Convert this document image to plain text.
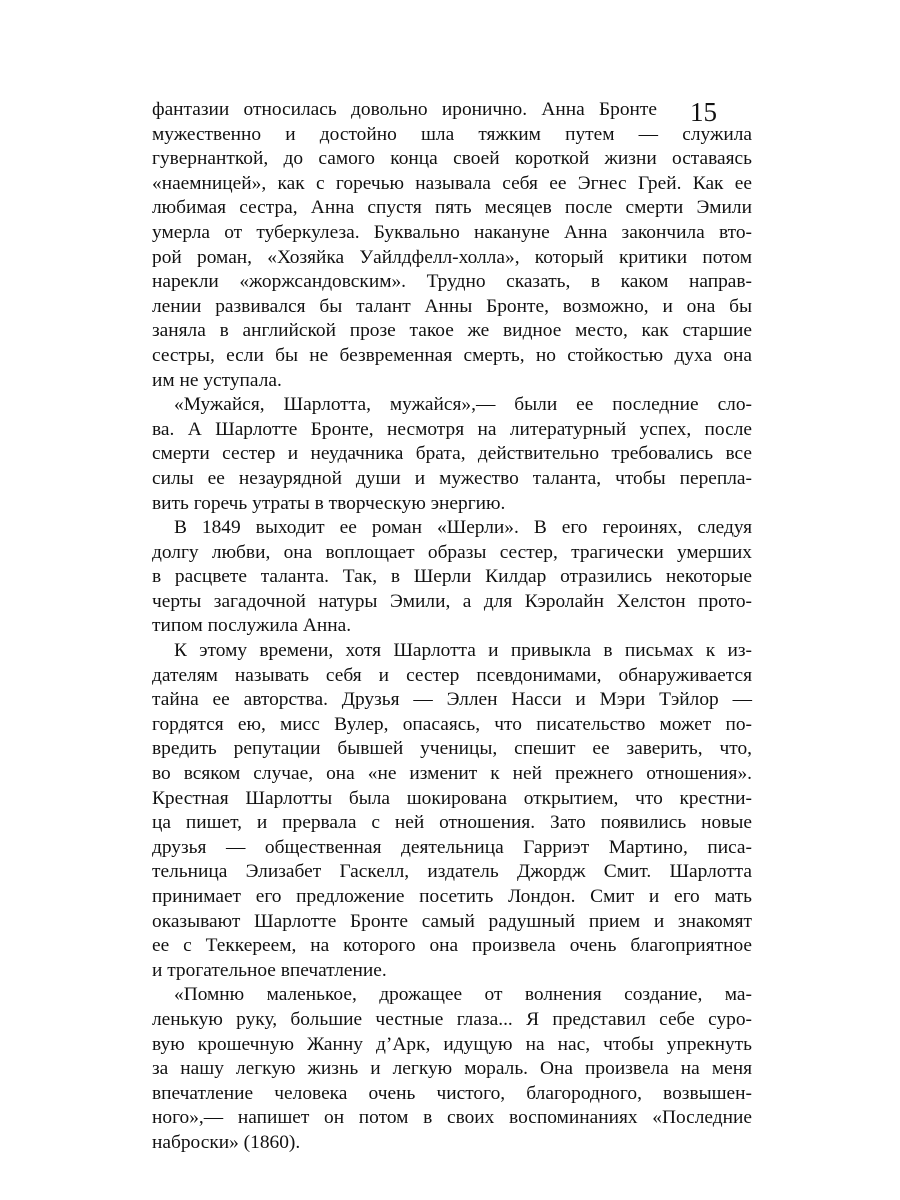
15
фантазии относилась довольно иронично. Анна Бронте
мужественно и достойно шла тяжким путем — служила
гувернанткой, до самого конца своей короткой жизни оставаясь
«наемницей», как с горечью называла себя ее Эгнес Грей. Как ее
любимая сестра, Анна спустя пять месяцев после смерти Эмили
умерла от туберкулеза. Буквально накануне Анна закончила вто-
рой роман, «Хозяйка Уайлдфелл-холла», который критики потом
нарекли «жоржсандовским». Трудно сказать, в каком направ-
лении развивался бы талант Анны Бронте, возможно, и она бы
заняла в английской прозе такое же видное место, как старшие
сестры, если бы не безвременная смерть, но стойкостью духа она
им не уступала.
«Мужайся, Шарлотта, мужайся»,— были ее последние сло-
ва. А Шарлотте Бронте, несмотря на литературный успех, после
смерти сестер и неудачника брата, действительно требовались все
силы ее незаурядной души и мужество таланта, чтобы перепла-
вить горечь утраты в творческую энергию.
В 1849 выходит ее роман «Шерли». В его героинях, следуя
долгу любви, она воплощает образы сестер, трагически умерших
в расцвете таланта. Так, в Шерли Килдар отразились некоторые
черты загадочной натуры Эмили, а для Кэролайн Хелстон прото-
типом послужила Анна.
К этому времени, хотя Шарлотта и привыкла в письмах к из-
дателям называть себя и сестер псевдонимами, обнаруживается
тайна ее авторства. Друзья — Эллен Насси и Мэри Тэйлор —
гордятся ею, мисс Вулер, опасаясь, что писательство может по-
вредить репутации бывшей ученицы, спешит ее заверить, что,
во всяком случае, она «не изменит к ней прежнего отношения».
Крестная Шарлотты была шокирована открытием, что крестни-
ца пишет, и прервала с ней отношения. Зато появились новые
друзья — общественная деятельница Гарриэт Мартино, писа-
тельница Элизабет Гаскелл, издатель Джордж Смит. Шарлотта
принимает его предложение посетить Лондон. Смит и его мать
оказывают Шарлотте Бронте самый радушный прием и знакомят
ее с Теккереем, на которого она произвела очень благоприятное
и трогательное впечатление.
«Помню маленькое, дрожащее от волнения создание, ма-
ленькую руку, большие честные глаза... Я представил себе суро-
вую крошечную Жанну д’Арк, идущую на нас, чтобы упрекнуть
за нашу легкую жизнь и легкую мораль. Она произвела на меня
впечатление человека очень чистого, благородного, возвышен-
ного»,— напишет он потом в своих воспоминаниях «Последние
наброски» (1860).
